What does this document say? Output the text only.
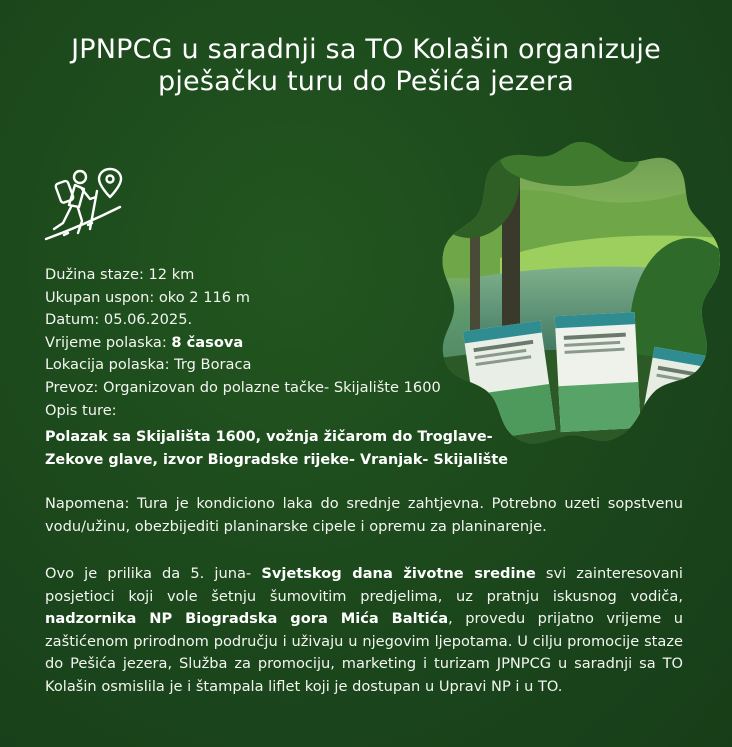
JPNPCG u saradnji sa TO Kolašin organizuje pješačku turu do Pešića jezera
Dužina staze: 12 km
Ukupan uspon: oko 2 116 m
Datum: 05.06.2025.
Vrijeme polaska: 8 časova
Lokacija polaska: Trg Boraca
Prevoz: Organizovan do polazne tačke- Skijalište 1600
Opis ture:
Polazak sa Skijališta 1600, vožnja žičarom do Troglave-
Zekove glave, izvor Biogradske rijeke- Vranjak- Skijalište

Napomena: Tura je kondiciono laka do srednje zahtjevna. Potrebno uzeti sopstvenu vodu/užinu, obezbijediti planinarske cipele i opremu za planinarenje.

Ovo je prilika da 5. juna- Svjetskog dana životne sredine svi zainteresovani posjetioci koji vole šetnju šumovitim predjelima, uz pratnju iskusnog vodiča, nadzornika NP Biogradska gora Mića Baltića, provedu prijatno vrijeme u zaštićenom prirodnom području i uživaju u njegovim ljepotama. U cilju promocije staze do Pešića jezera, Služba za promociju, marketing i turizam JPNPCG u saradnji sa TO Kolašin osmislila je i štampala liflet koji je dostupan u Upravi NP i u TO.
